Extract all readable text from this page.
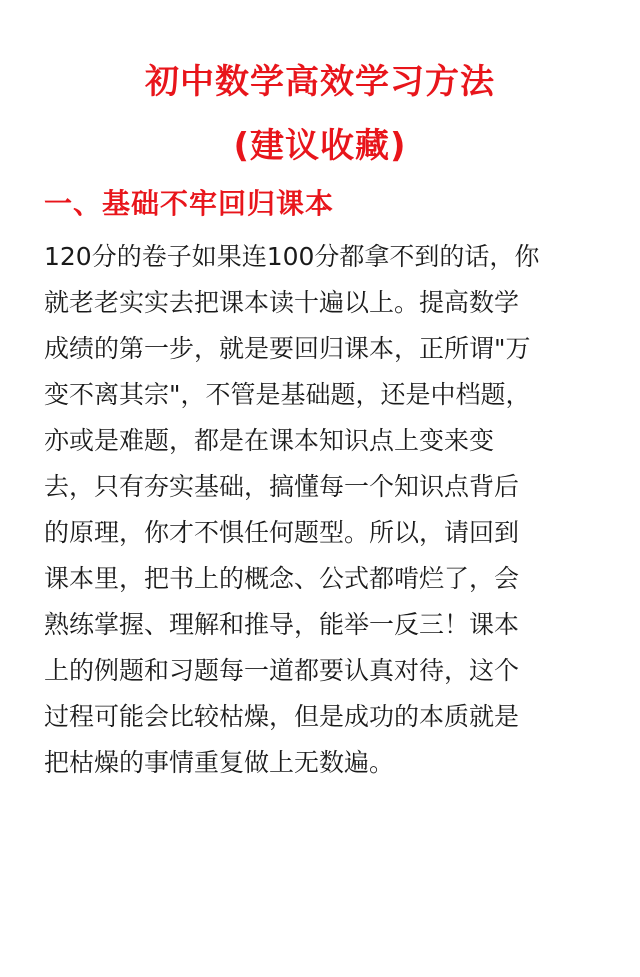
初中数学高效学习方法
(建议收藏)
一、基础不牢回归课本
120分的卷子如果连100分都拿不到的话，你
就老老实实去把课本读十遍以上。提高数学
成绩的第一步，就是要回归课本，正所谓"万
变不离其宗"，不管是基础题，还是中档题，
亦或是难题，都是在课本知识点上变来变
去，只有夯实基础，搞懂每一个知识点背后
的原理，你才不惧任何题型。所以，请回到
课本里，把书上的概念、公式都啃烂了，会
熟练掌握、理解和推导，能举一反三！课本
上的例题和习题每一道都要认真对待，这个
过程可能会比较枯燥，但是成功的本质就是
把枯燥的事情重复做上无数遍。
